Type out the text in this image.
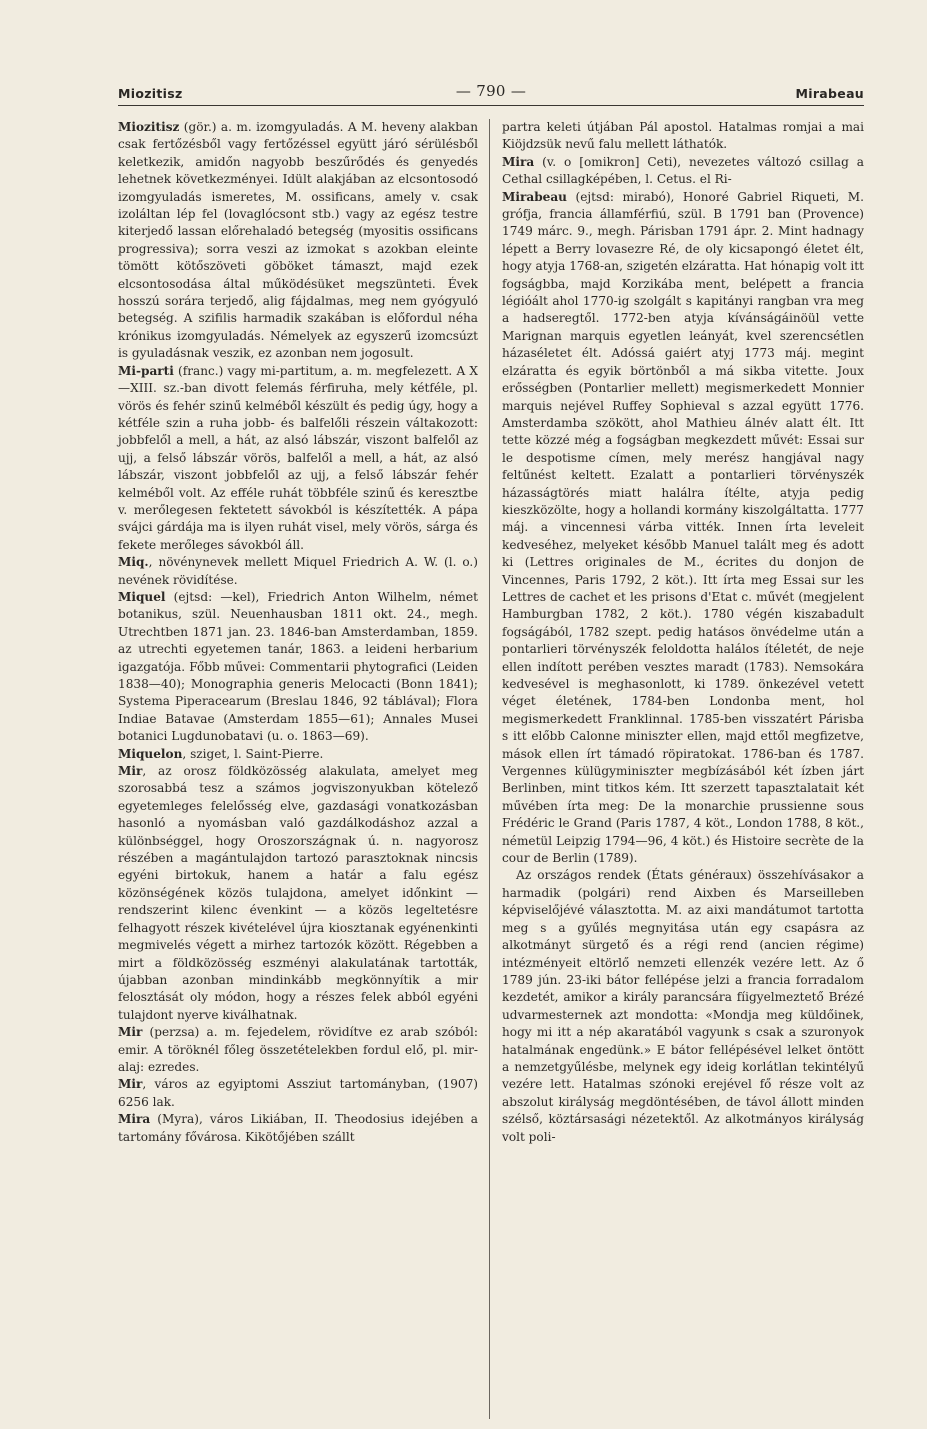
Miozitisz	— 790 —	Mirabeau

Miozitisz (gör.) a. m. izomgyuladás. A M. heveny alakban csak fertőzésből vagy fertőzéssel együtt járó sérülésből keletkezik, amidőn nagyobb beszűrődés és genyedés lehetnek következményei. Idült alakjában az elcsontosodó izomgyuladás ismeretes, M. ossificans, amely v. csak izoláltan lép fel (lovaglócsont stb.) vagy az egész testre kiterjedő lassan előrehaladó betegség (myositis ossificans progressiva); sorra veszi az izmokat s azokban eleinte tömött kötőszöveti göböket támaszt, majd ezek elcsontosodása által működésüket megszünteti. Évek hosszú sorára terjedő, alig fájdalmas, meg nem gyógyuló betegség. A szifilis harmadik szakában is előfordul néha krónikus izomgyuladás. Némelyek az egyszerű izomcsúzt is gyuladásnak veszik, ez azonban nem jogosult.

Mi-parti (franc.) vagy mi-partitum, a. m. megfelezett. A X—XIII. sz.-ban divott felemás férfiruha, mely kétféle, pl. vörös és fehér szinű kelméből készült és pedig úgy, hogy a kétféle szin a ruha jobb- és balfelőli részein váltakozott: jobbfelől a mell, a hát, az alsó lábszár, viszont balfelől az ujj, a felső lábszár vörös, balfelől a mell, a hát, az alsó lábszár, viszont jobbfelől az ujj, a felső lábszár fehér kelméből volt. Az efféle ruhát többféle szinű és keresztbe v. merőlegesen fektetett sávokból is készítették. A pápa svájci gárdája ma is ilyen ruhát visel, mely vörös, sárga és fekete merőleges sávokból áll.

Miq., növénynevek mellett Miquel Friedrich A. W. (l. o.) nevének rövidítése.

Miquel (ejtsd: —kel), Friedrich Anton Wilhelm, német botanikus, szül. Neuenhausban 1811 okt. 24., megh. Utrechtben 1871 jan. 23. 1846-ban Amsterdamban, 1859. az utrechti egyetemen tanár, 1863. a leideni herbarium igazgatója. Főbb művei: Commentarii phytografici (Leiden 1838—40); Monographia generis Melocacti (Bonn 1841); Systema Piperacearum (Breslau 1846, 92 táblával); Flora Indiae Batavae (Amsterdam 1855—61); Annales Musei botanici Lugdunobatavi (u. o. 1863—69).

Miquelon, sziget, l. Saint-Pierre.

Mir, az orosz földközösség alakulata, amelyet meg szorosabbá tesz a számos jogviszonyukban kötelező egyetemleges felelősség elve, gazdasági vonatkozásban hasonló a nyomásban való gazdálkodáshoz azzal a különbséggel, hogy Oroszországnak ú. n. nagyorosz részében a magántulajdon tartozó parasztoknak nincsis egyéni birtokuk, hanem a határ a falu egész közönségének közös tulajdona, amelyet időnkint — rendszerint kilenc évenkint — a közös legeltetésre felhagyott részek kivételével újra kiosztanak egyénenkinti megmivelés végett a mirhez tartozók között. Régebben a mirt a földközösség eszményi alakulatának tartották, újabban azonban mindinkább megkönnyítik a mir felosztását oly módon, hogy a részes felek abból egyéni tulajdont nyerve kiválhatnak.

Mir (perzsa) a. m. fejedelem, rövidítve ez arab szóból: emir. A töröknél főleg összetételekben fordul elő, pl. mir-alaj: ezredes.

Mir, város az egyiptomi Assziut tartományban, (1907) 6256 lak.

Mira (Myra), város Likiában, II. Theodosius idejében a tartomány fővárosa. Kikötőjében szállt

partra keleti útjában Pál apostol. Hatalmas romjai a mai Kiöjdzsük nevű falu mellett láthatók.

Mira (v. o [omikron] Ceti), nevezetes változó csillag a Cethal csillagképében, l. Cetus. el Ri-

Mirabeau (ejtsd: mirabó), Honoré Gabriel Riqueti, M. grófja, francia államférfiú, szül. B 1791 ban (Provence) 1749 márc. 9., megh. Párisban 1791 ápr. 2. Mint hadnagy lépett a Berry lovasezre Ré, de oly kicsapongó életet élt, hogy atyja 1768-an, szigetén elzáratta. Hat hónapig volt itt fogságbba, majd Korzikába ment, belépett a francia légióált ahol 1770-ig szolgált s kapitányi rangban vra meg a hadseregtől. 1772-ben atyja kívánságáinöül vette Marignan marquis egyetlen leányát, kvel szerencsétlen házaséletet élt. Adóssá gaiért atyj 1773 máj. megint elzáratta és egyik börtönből a má sikba vitette. Joux erősségben (Pontarlier mellett) megismerkedett Monnier marquis nejével Ruffey Sophieval s azzal együtt 1776. Amsterdamba szökött, ahol Mathieu álnév alatt élt. Itt tette közzé még a fogságban megkezdett művét: Essai sur le despotisme címen, mely merész hangjával nagy feltűnést keltett. Ezalatt a pontarlieri törvényszék házasságtörés miatt halálra ítélte, atyja pedig kieszközölte, hogy a hollandi kormány kiszolgáltatta. 1777 máj. a vincennesi várba vitték. Innen írta leveleit kedveséhez, melyeket később Manuel talált meg és adott ki (Lettres originales de M., écrites du donjon de Vincennes, Paris 1792, 2 köt.). Itt írta meg Essai sur les Lettres de cachet et les prisons d'Etat c. művét (megjelent Hamburgban 1782, 2 köt.). 1780 végén kiszabadult fogságából, 1782 szept. pedig hatásos önvédelme után a pontarlieri törvényszék feloldotta halálos ítéletét, de neje ellen indított perében vesztes maradt (1783). Nemsokára kedvesével is meghasonlott, ki 1789. önkezével vetett véget életének, 1784-ben Londonba ment, hol megismerkedett Franklinnal. 1785-ben visszatért Párisba s itt előbb Calonne miniszter ellen, majd ettől megfizetve, mások ellen írt támadó röpiratokat. 1786-ban és 1787. Vergennes külügyminiszter megbízásából két ízben járt Berlinben, mint titkos kém. Itt szerzett tapasztalatait két művében írta meg: De la monarchie prussienne sous Frédéric le Grand (Paris 1787, 4 köt., London 1788, 8 köt., németül Leipzig 1794—96, 4 köt.) és Histoire secrète de la cour de Berlin (1789).

Az országos rendek (États généraux) összehívásakor a harmadik (polgári) rend Aixben és Marseilleben képviselőjévé választotta. M. az aixi mandátumot tartotta meg s a gyűlés megnyitása után egy csapásra az alkotmányt sürgető és a régi rend (ancien régime) intézményeit eltörlő nemzeti ellenzék vezére lett. Az ő 1789 jún. 23-iki bátor fellépése jelzi a francia forradalom kezdetét, amikor a király parancsára fíigyelmeztető Brézé udvarmesternek azt mondotta: «Mondja meg küldőinek, hogy mi itt a nép akaratából vagyunk s csak a szuronyok hatalmának engedünk.» E bátor fellépésével lelket öntött a nemzetgyűlésbe, melynek egy ideig korlátlan tekintélyű vezére lett. Hatalmas szónoki erejével fő része volt az abszolut királyság megdöntésében, de távol állott minden szélső, köztársasági nézetektől. Az alkotmányos királyság volt poli-
